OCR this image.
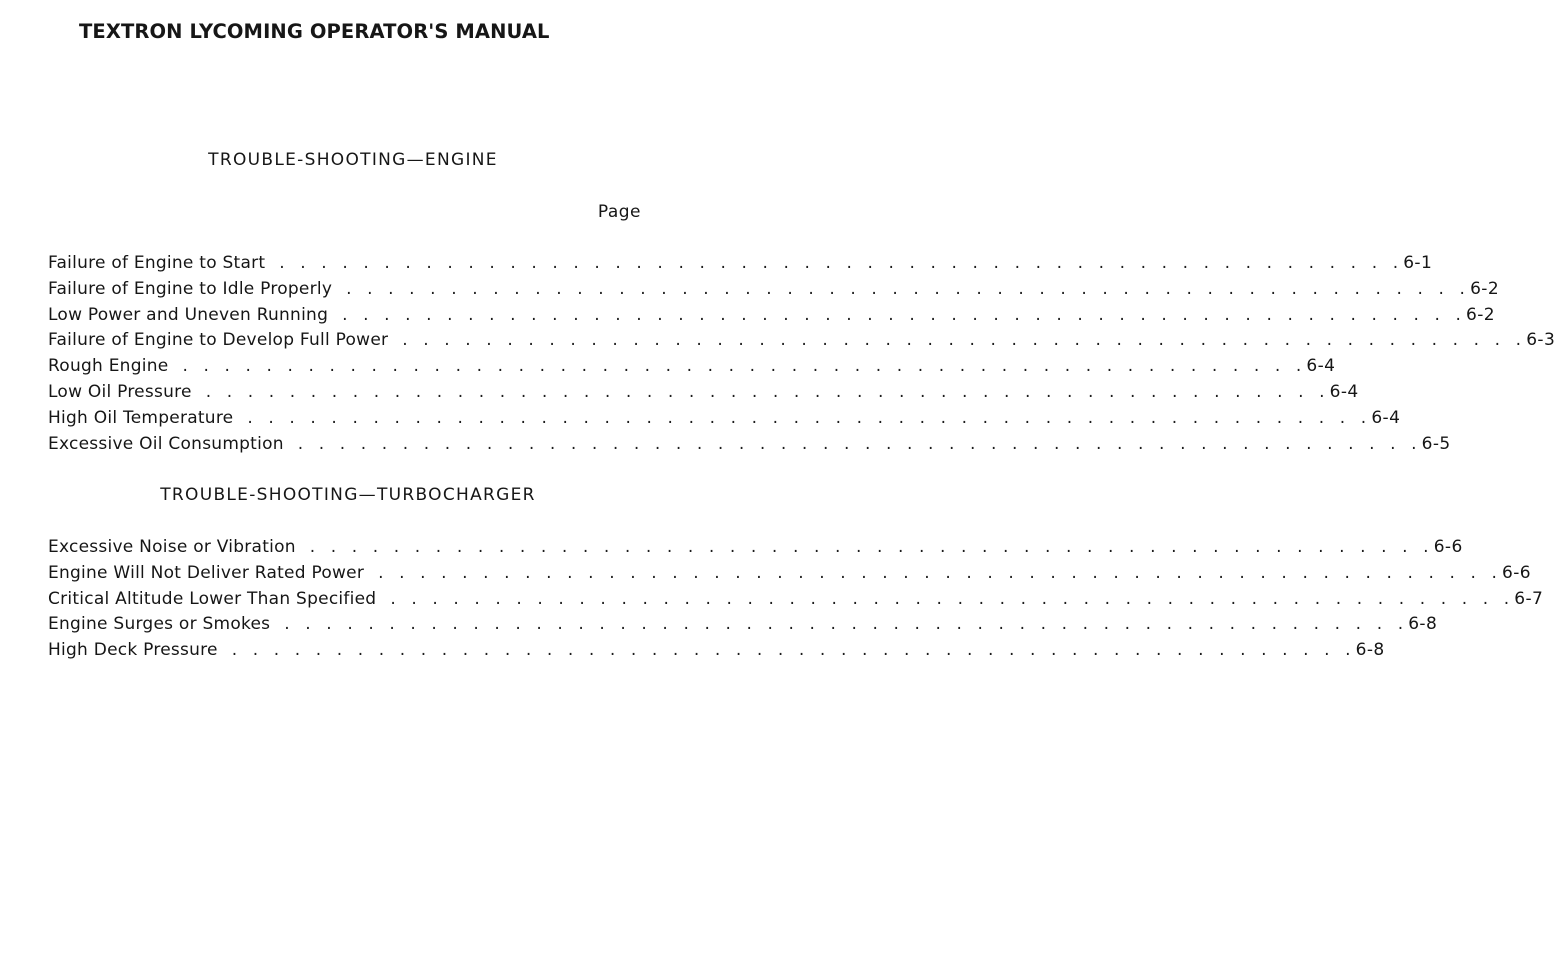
TEXTRON LYCOMING OPERATOR'S MANUAL
TROUBLE-SHOOTING—ENGINE
Page
Failure of Engine to Start . . . . . . . . . . . . . . . . . . . . . . . . . . . . . . . . . . . . . . . . . . . . . . . . . . . . . . 6-1
Failure of Engine to Idle Properly . . . . . . . . . . . . . . . . . . . . . . . . . . . . . . . . . . . . . . . . . . . . . . . . . . . . . . 6-2
Low Power and Uneven Running . . . . . . . . . . . . . . . . . . . . . . . . . . . . . . . . . . . . . . . . . . . . . . . . . . . . . . 6-2
Failure of Engine to Develop Full Power . . . . . . . . . . . . . . . . . . . . . . . . . . . . . . . . . . . . . . . . . . . . . . . . . . . . . . 6-3
Rough Engine . . . . . . . . . . . . . . . . . . . . . . . . . . . . . . . . . . . . . . . . . . . . . . . . . . . . . . 6-4
Low Oil Pressure . . . . . . . . . . . . . . . . . . . . . . . . . . . . . . . . . . . . . . . . . . . . . . . . . . . . . . 6-4
High Oil Temperature . . . . . . . . . . . . . . . . . . . . . . . . . . . . . . . . . . . . . . . . . . . . . . . . . . . . . . 6-4
Excessive Oil Consumption . . . . . . . . . . . . . . . . . . . . . . . . . . . . . . . . . . . . . . . . . . . . . . . . . . . . . . 6-5
TROUBLE-SHOOTING—TURBOCHARGER
Excessive Noise or Vibration . . . . . . . . . . . . . . . . . . . . . . . . . . . . . . . . . . . . . . . . . . . . . . . . . . . . . . 6-6
Engine Will Not Deliver Rated Power . . . . . . . . . . . . . . . . . . . . . . . . . . . . . . . . . . . . . . . . . . . . . . . . . . . . . . 6-6
Critical Altitude Lower Than Specified . . . . . . . . . . . . . . . . . . . . . . . . . . . . . . . . . . . . . . . . . . . . . . . . . . . . . . 6-7
Engine Surges or Smokes . . . . . . . . . . . . . . . . . . . . . . . . . . . . . . . . . . . . . . . . . . . . . . . . . . . . . . 6-8
High Deck Pressure . . . . . . . . . . . . . . . . . . . . . . . . . . . . . . . . . . . . . . . . . . . . . . . . . . . . . . 6-8
